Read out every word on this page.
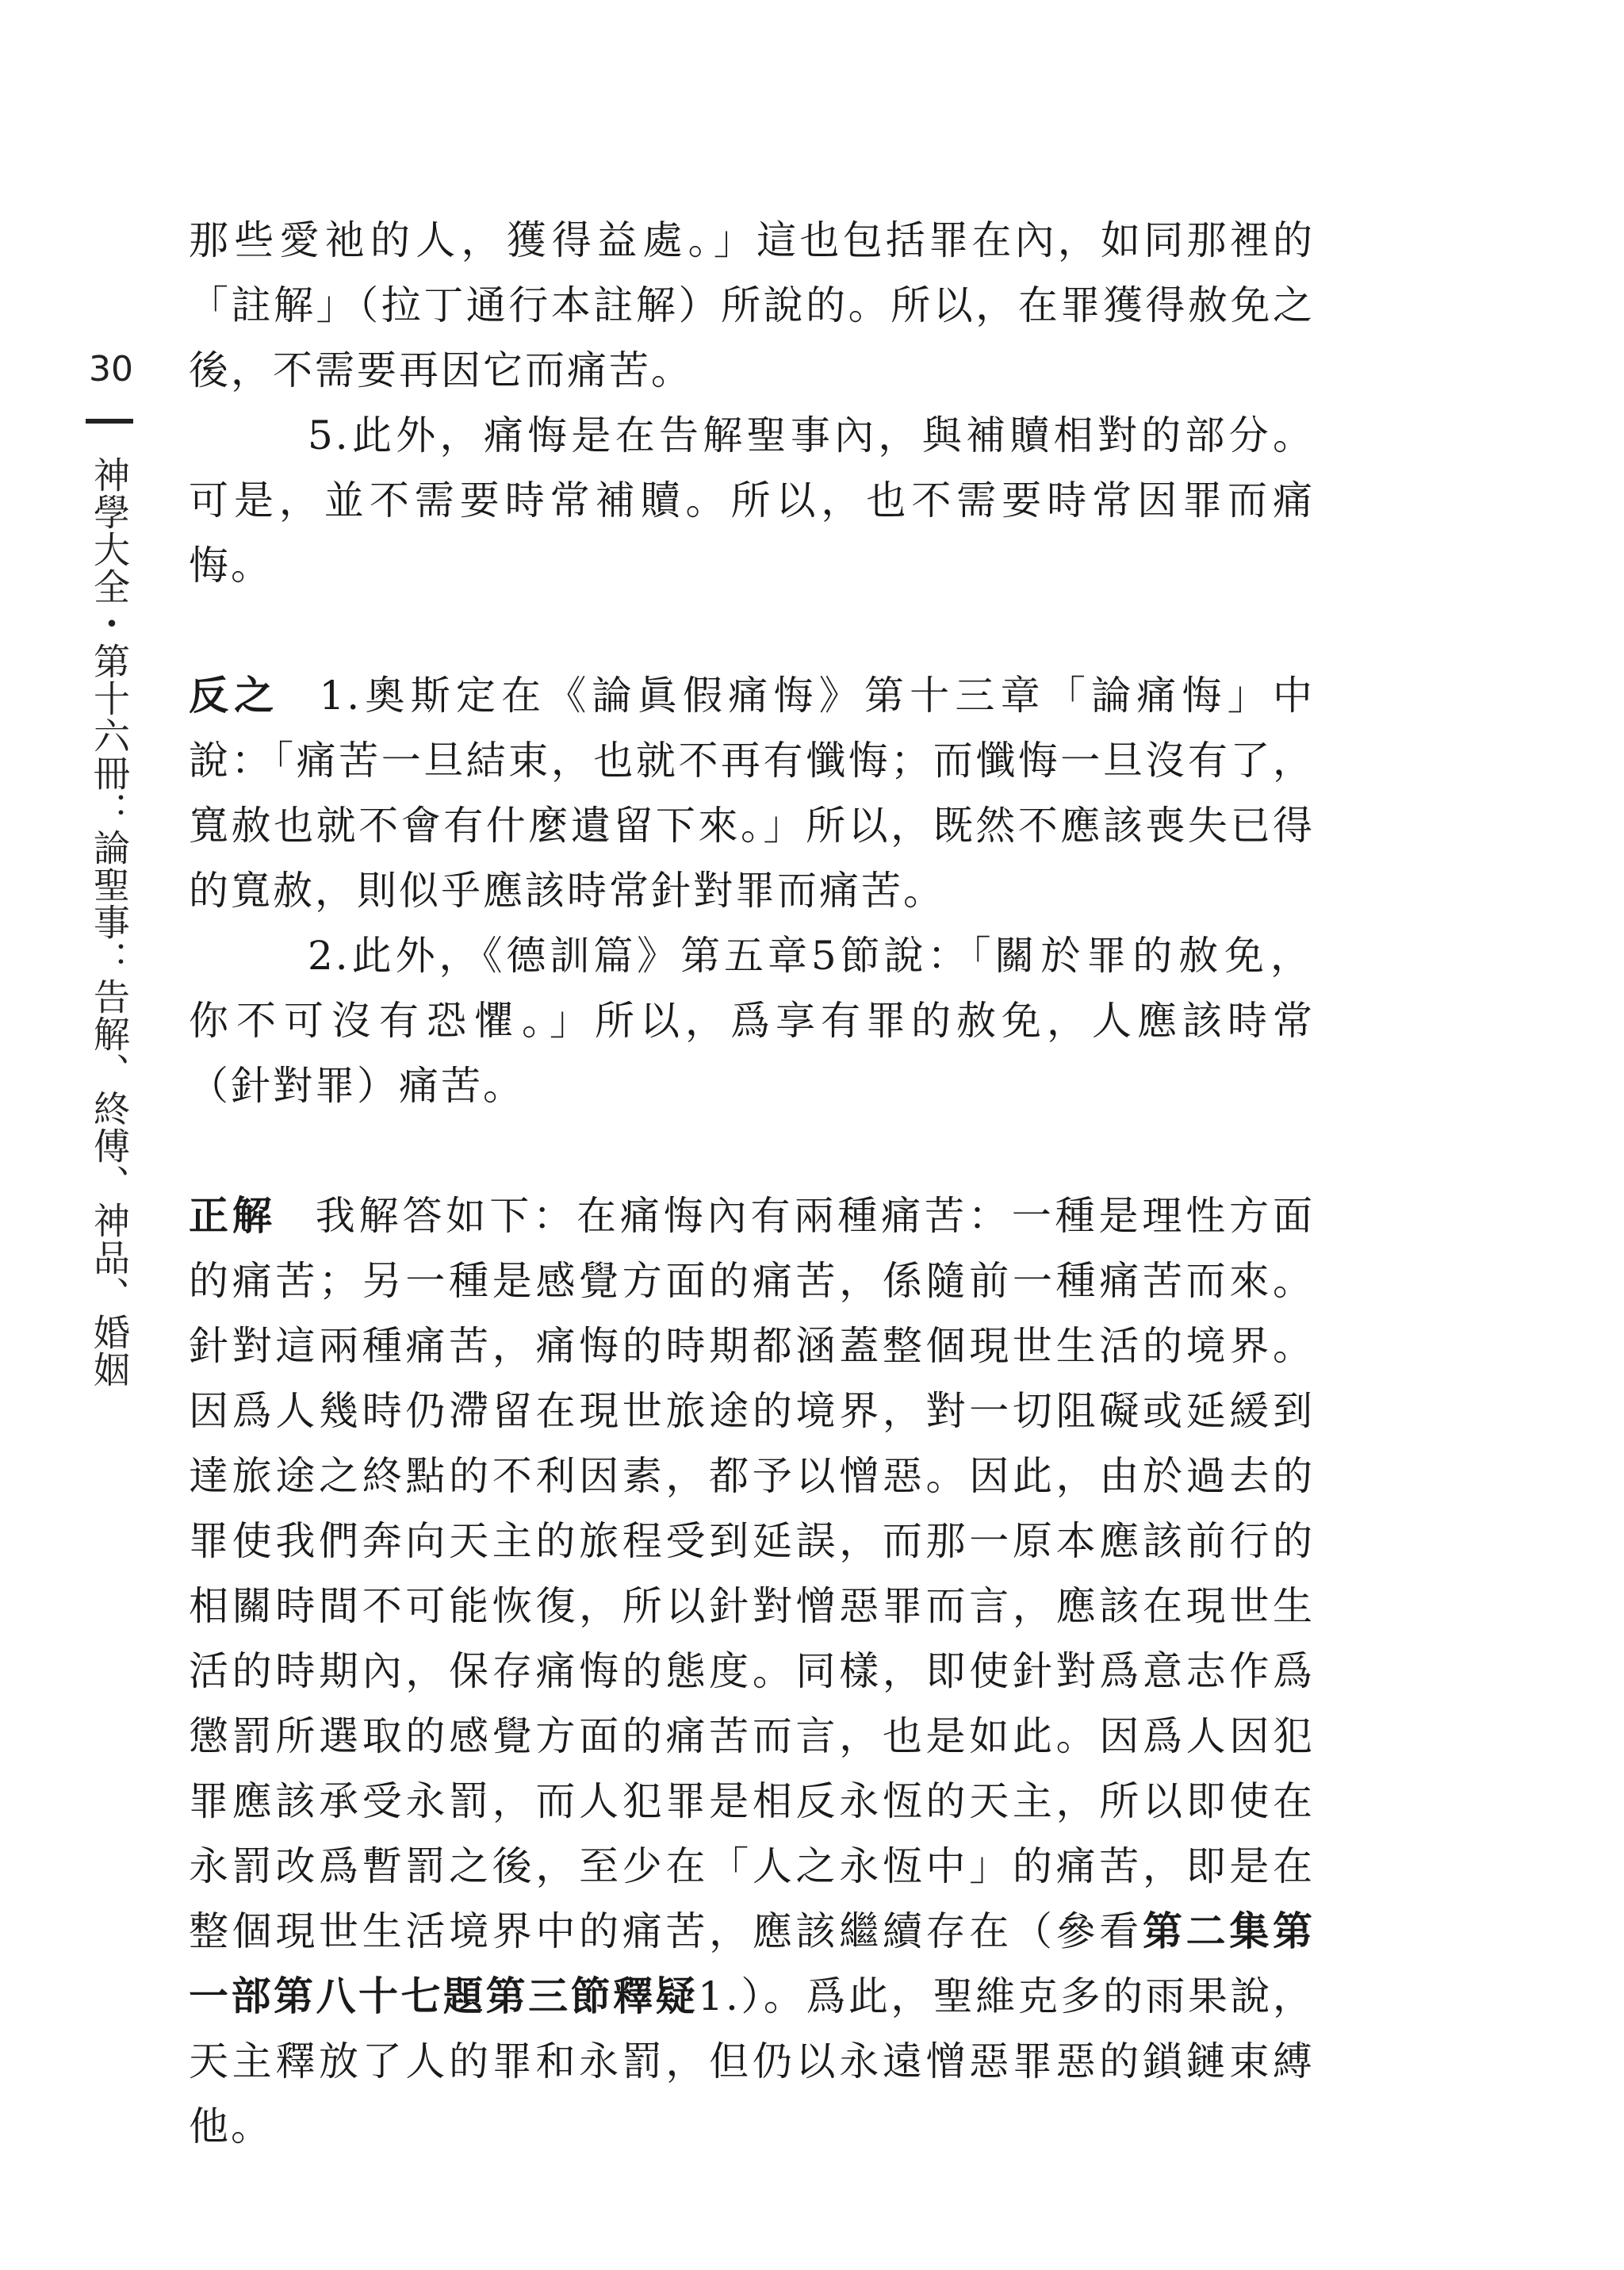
30
神學大全・第十六冊：論聖事：告解、終傅、神品、婚姻

那些愛祂的人，獲得益處。」這也包括罪在內，如同那裡的「註解」（拉丁通行本註解）所說的。所以，在罪獲得赦免之後，不需要再因它而痛苦。

5.此外，痛悔是在告解聖事內，與補贖相對的部分。可是，並不需要時常補贖。所以，也不需要時常因罪而痛悔。

反之 1.奧斯定在《論眞假痛悔》第十三章「論痛悔」中說：「痛苦一旦結束，也就不再有懺悔；而懺悔一旦沒有了，寬赦也就不會有什麼遺留下來。」所以，既然不應該喪失已得的寬赦，則似乎應該時常針對罪而痛苦。

2.此外，《德訓篇》第五章5節說：「關於罪的赦免，你不可沒有恐懼。」所以，爲享有罪的赦免，人應該時常（針對罪）痛苦。

正解 我解答如下：在痛悔內有兩種痛苦：一種是理性方面的痛苦；另一種是感覺方面的痛苦，係隨前一種痛苦而來。針對這兩種痛苦，痛悔的時期都涵蓋整個現世生活的境界。因爲人幾時仍滯留在現世旅途的境界，對一切阻礙或延緩到達旅途之終點的不利因素，都予以憎惡。因此，由於過去的罪使我們奔向天主的旅程受到延誤，而那一原本應該前行的相關時間不可能恢復，所以針對憎惡罪而言，應該在現世生活的時期內，保存痛悔的態度。同樣，即使針對爲意志作爲懲罰所選取的感覺方面的痛苦而言，也是如此。因爲人因犯罪應該承受永罰，而人犯罪是相反永恆的天主，所以即使在永罰改爲暫罰之後，至少在「人之永恆中」的痛苦，即是在整個現世生活境界中的痛苦，應該繼續存在（參看第二集第一部第八十七題第三節釋疑1.）。爲此，聖維克多的雨果說，天主釋放了人的罪和永罰，但仍以永遠憎惡罪惡的鎖鏈束縛他。
